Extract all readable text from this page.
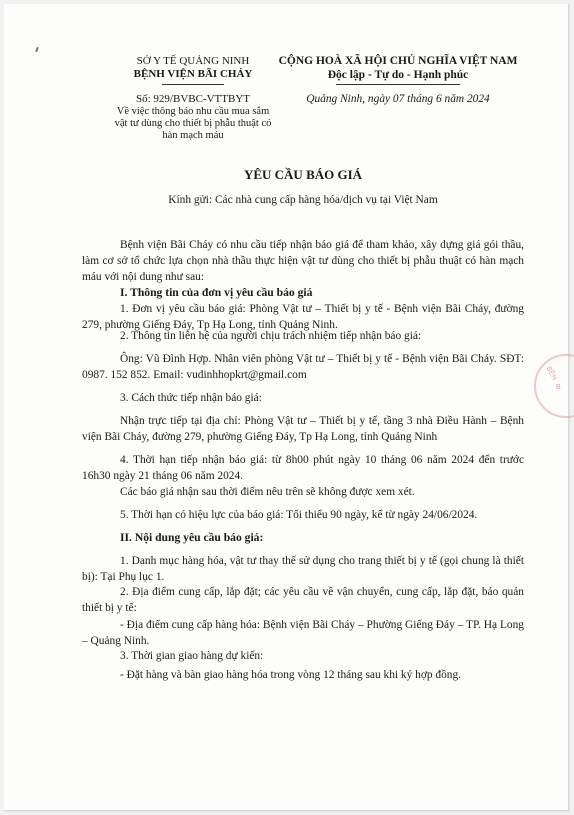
SỞ Y TẾ QUẢNG NINH
BỆNH VIỆN BÃI CHÁY
Số: 929/BVBC-VTTBYT
Về việc thông báo nhu cầu mua sắm
vật tư dùng cho thiết bị phẫu thuật có
hàn mạch máu
CỘNG HOÀ XÃ HỘI CHỦ NGHĨA VIỆT NAM
Độc lập - Tự do - Hạnh phúc
Quảng Ninh, ngày 07 tháng 6 năm 2024
YÊU CẦU BÁO GIÁ
Kính gửi: Các nhà cung cấp hàng hóa/dịch vụ tại Việt Nam
Bệnh viện Bãi Cháy có nhu cầu tiếp nhận báo giá để tham khảo, xây dựng giá gói thầu, làm cơ sở tổ chức lựa chọn nhà thầu thực hiện vật tư dùng cho thiết bị phẫu thuật có hàn mạch máu với nội dung như sau:
I. Thông tin của đơn vị yêu cầu báo giá
1. Đơn vị yêu cầu báo giá: Phòng Vật tư – Thiết bị y tế - Bệnh viện Bãi Cháy, đường 279, phường Giếng Đáy, Tp Hạ Long, tỉnh Quảng Ninh.
2. Thông tin liên hệ của người chịu trách nhiệm tiếp nhận báo giá:
Ông: Vũ Đình Hợp. Nhân viên phòng Vật tư – Thiết bị y tế - Bệnh viện Bãi Cháy. SĐT: 0987. 152 852. Email: vudinhhopkrt@gmail.com
3. Cách thức tiếp nhận báo giá:
Nhận trực tiếp tại địa chỉ: Phòng Vật tư – Thiết bị y tế, tầng 3 nhà Điều Hành – Bệnh viện Bãi Cháy, đường 279, phường Giếng Đáy, Tp Hạ Long, tỉnh Quảng Ninh
4. Thời hạn tiếp nhận báo giá: từ 8h00 phút ngày 10 tháng 06 năm 2024 đến trước 16h30 ngày 21 tháng 06 năm 2024.
Các báo giá nhận sau thời điểm nêu trên sẽ không được xem xét.
5. Thời hạn có hiệu lực của báo giá: Tối thiểu 90 ngày, kể từ ngày 24/06/2024.
II. Nội dung yêu cầu báo giá:
1. Danh mục hàng hóa, vật tư thay thế sử dụng cho trang thiết bị y tế (gọi chung là thiết bị): Tại Phụ lục 1.
2. Địa điểm cung cấp, lắp đặt; các yêu cầu về vận chuyển, cung cấp, lắp đặt, bảo quản thiết bị y tế:
- Địa điểm cung cấp hàng hóa: Bệnh viện Bãi Cháy – Phường Giếng Đáy – TP. Hạ Long – Quảng Ninh.
3. Thời gian giao hàng dự kiến:
- Đặt hàng và bàn giao hàng hóa trong vòng 12 tháng sau khi ký hợp đồng.
BỆN
B
